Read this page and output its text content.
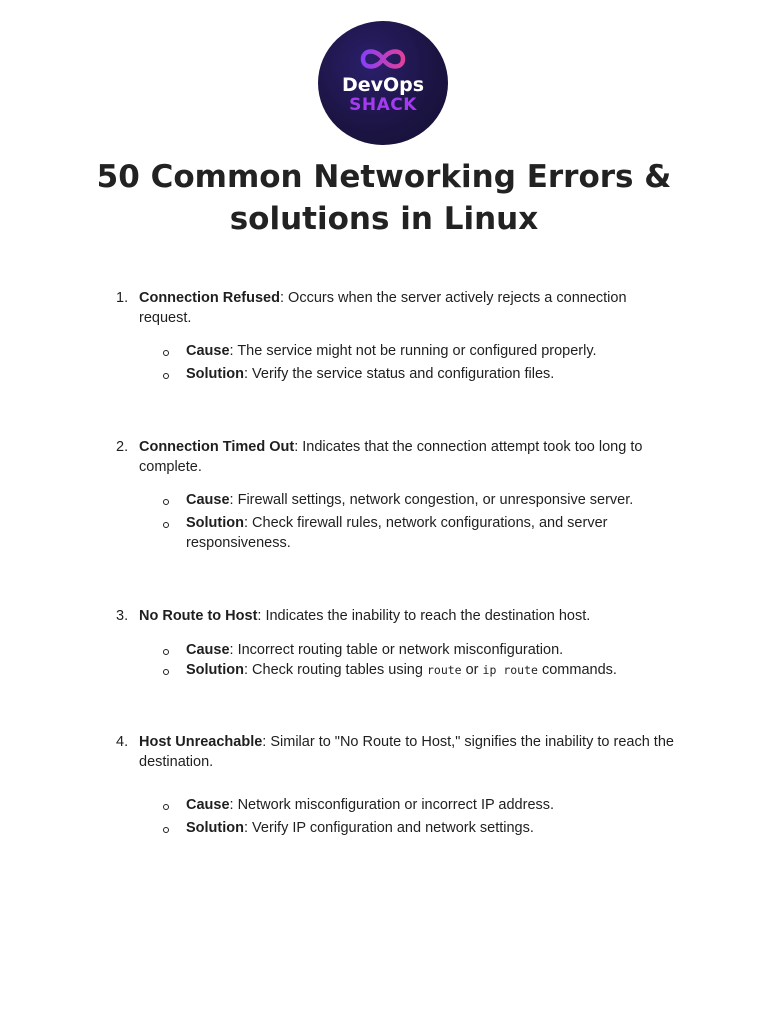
DevOps
SHACK
50 Common Networking Errors &
solutions in Linux
1. Connection Refused: Occurs when the server actively rejects a connection request.
Cause: The service might not be running or configured properly.
Solution: Verify the service status and configuration files.
2. Connection Timed Out: Indicates that the connection attempt took too long to complete.
Cause: Firewall settings, network congestion, or unresponsive server.
Solution: Check firewall rules, network configurations, and server responsiveness.
3. No Route to Host: Indicates the inability to reach the destination host.
Cause: Incorrect routing table or network misconfiguration.
Solution: Check routing tables using route or ip route commands.
4. Host Unreachable: Similar to "No Route to Host," signifies the inability to reach the destination.
Cause: Network misconfiguration or incorrect IP address.
Solution: Verify IP configuration and network settings.
